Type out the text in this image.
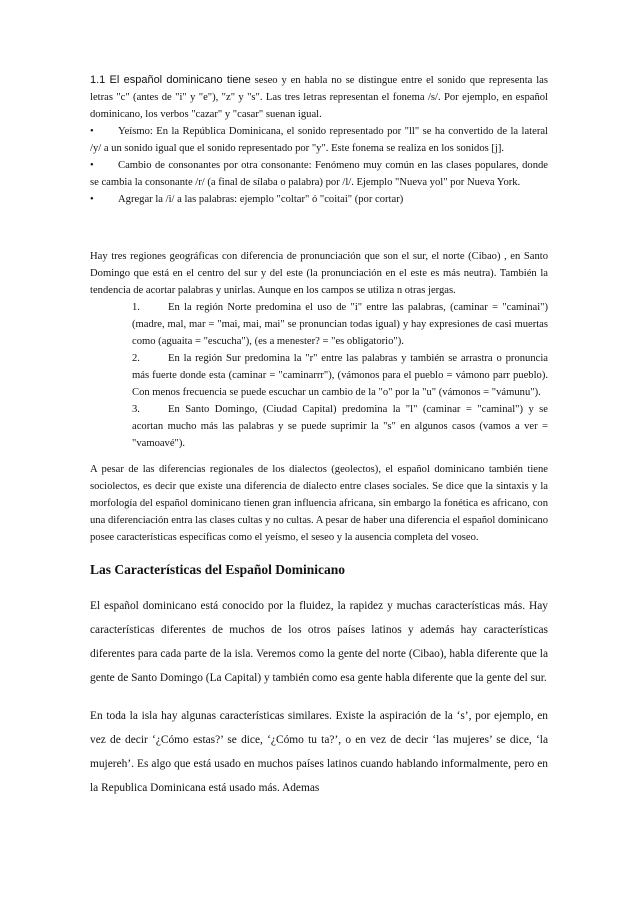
1.1 El español dominicano tiene seseo y en habla no se distingue entre el sonido que representa las letras "c" (antes de "i" y "e"), "z" y "s". Las tres letras representan el fonema /s/. Por ejemplo, en español dominicano, los verbos "cazar" y "casar" suenan igual.

• Yeísmo: En la República Dominicana, el sonido representado por "ll" se ha convertido de la lateral /y/ a un sonido igual que el sonido representado por "y". Este fonema se realiza en los sonidos [j].
• Cambio de consonantes por otra consonante: Fenómeno muy común en las clases populares, donde se cambia la consonante /r/ (a final de sílaba o palabra) por /l/. Ejemplo "Nueva yol" por Nueva York.
• Agregar la /i/ a las palabras: ejemplo "coltar" ó "coitai" (por cortar)

Hay tres regiones geográficas con diferencia de pronunciación que son el sur, el norte (Cibao) , en Santo Domingo que está en el centro del sur y del este (la pronunciación en el este es más neutra). También la tendencia de acortar palabras y unirlas. Aunque en los campos se utiliza n otras jergas.

1.	En la región Norte predomina el uso de "i" entre las palabras, (caminar = "caminai") (madre, mal, mar = "mai, mai, mai" se pronuncian todas igual) y hay expresiones de casi muertas como (aguaita = "escucha"), (es a menester? = "es obligatorio").
2.	En la región Sur predomina la "r" entre las palabras y también se arrastra o pronuncia más fuerte donde esta (caminar = "caminarrr"), (vámonos para el pueblo = vámono parr pueblo). Con menos frecuencia se puede escuchar un cambio de la "o" por la "u" (vámonos = "vámunu").
3.	En Santo Domingo, (Ciudad Capital) predomina la "l" (caminar = "caminal") y se acortan mucho más las palabras y se puede suprimir la "s" en algunos casos (vamos a ver = "vamoavé").

A pesar de las diferencias regionales de los dialectos (geolectos), el español dominicano también tiene sociolectos, es decir que existe una diferencia de dialecto entre clases sociales. Se dice que la sintaxis y la morfología del español dominicano tienen gran influencia africana, sin embargo la fonética es africano, con una diferenciación entra las clases cultas y no cultas. A pesar de haber una diferencia el español dominicano posee características específicas como el yeísmo, el seseo y la ausencia completa del voseo.

Las Características del Español Dominicano

El español dominicano está conocido por la fluidez, la rapidez y muchas características más. Hay características diferentes de muchos de los otros países latinos y además hay características diferentes para cada parte de la isla. Veremos como la gente del norte (Cibao), habla diferente que la gente de Santo Domingo (La Capital) y también como esa gente habla diferente que la gente del sur.

En toda la isla hay algunas características similares. Existe la aspiración de la ‘s’, por ejemplo, en vez de decir ‘¿Cómo estas?’ se dice, ‘¿Cómo tu ta?’, o en vez de decir ‘las mujeres’ se dice, ‘la mujereh’. Es algo que está usado en muchos países latinos cuando hablando informalmente, pero en la Republica Dominicana está usado más. Ademas
